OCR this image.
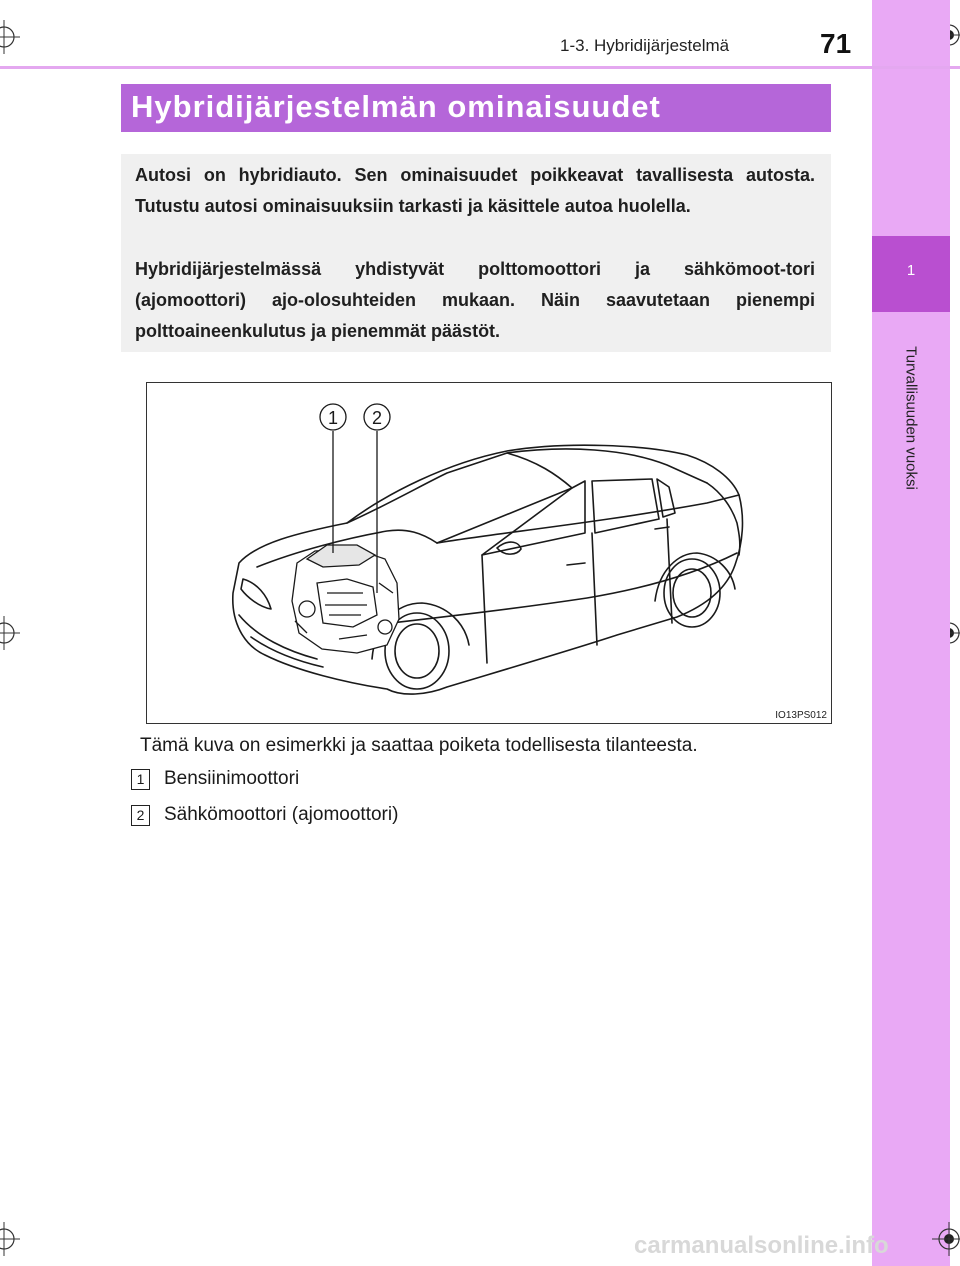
1
Turvallisuuden vuoksi
1-3. Hybridijärjestelmä	71
Hybridijärjestelmän ominaisuudet

Autosi on hybridiauto. Sen ominaisuudet poikkeavat tavallisesta autosta. Tutustu autosi ominaisuuksiin tarkasti ja käsittele autoa huolella.

Hybridijärjestelmässä yhdistyvät polttomoottori ja sähkömoot-tori (ajomoottori) ajo-olosuhteiden mukaan. Näin saavutetaan pienempi polttoaineenkulutus ja pienemmät päästöt.

1 2
IO13PS012
Tämä kuva on esimerkki ja saattaa poiketa todellisesta tilanteesta.
1 Bensiinimoottori
2 Sähkömoottori (ajomoottori)
carmanualsonline.info
